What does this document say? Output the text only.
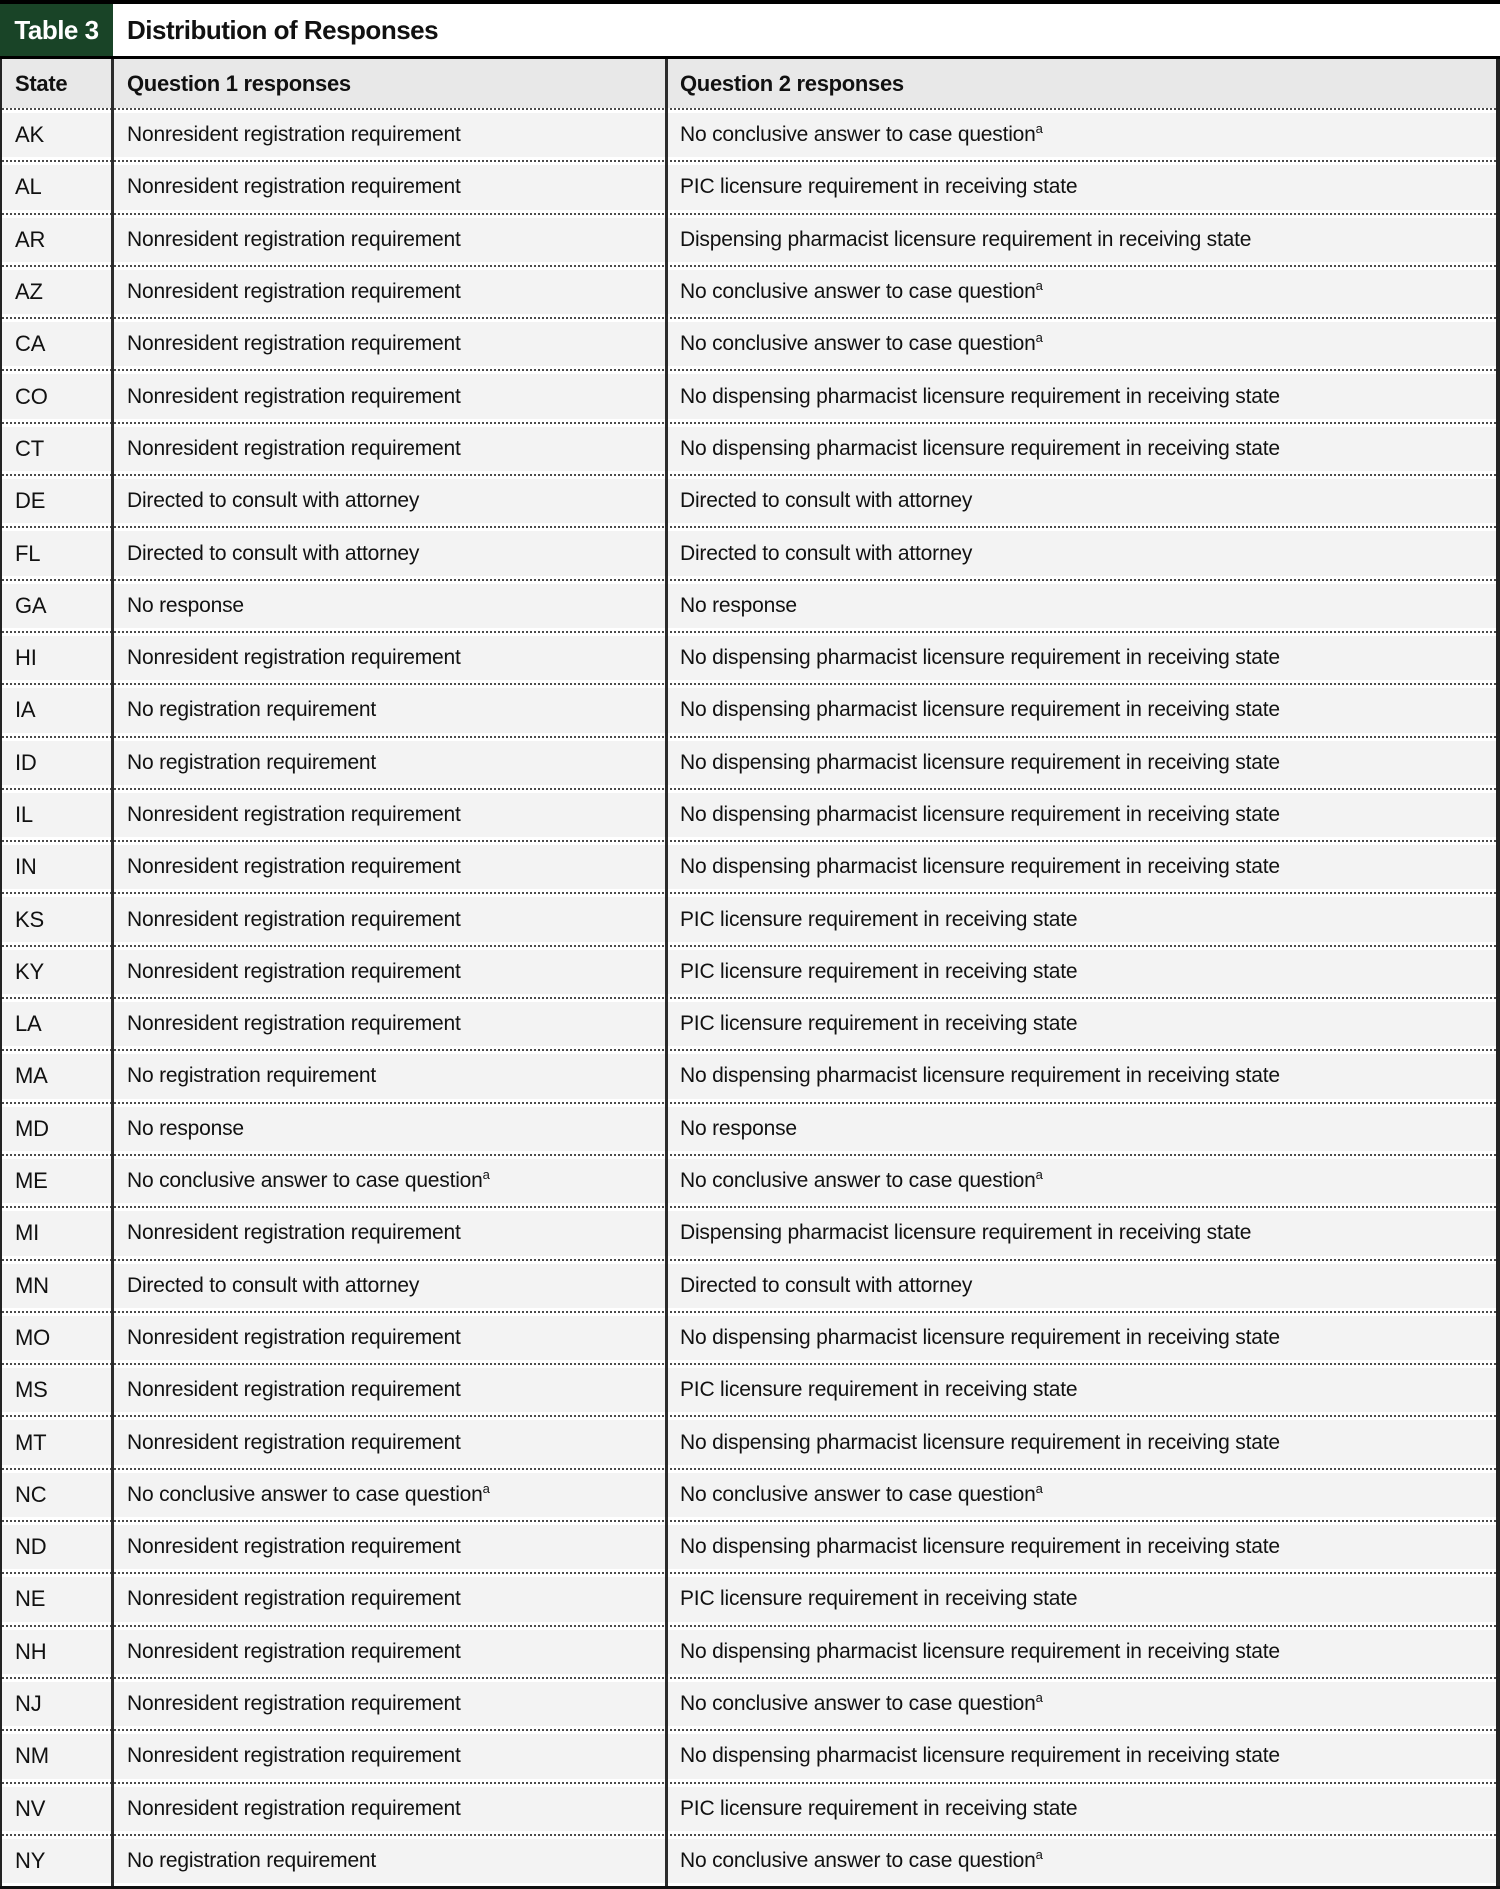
Table 3	Distribution of Responses
State	Question 1 responses	Question 2 responses
AK	Nonresident registration requirement	No conclusive answer to case question$^a$
AL	Nonresident registration requirement	PIC licensure requirement in receiving state
AR	Nonresident registration requirement	Dispensing pharmacist licensure requirement in receiving state
AZ	Nonresident registration requirement	No conclusive answer to case question$^a$
CA	Nonresident registration requirement	No conclusive answer to case question$^a$
CO	Nonresident registration requirement	No dispensing pharmacist licensure requirement in receiving state
CT	Nonresident registration requirement	No dispensing pharmacist licensure requirement in receiving state
DE	Directed to consult with attorney	Directed to consult with attorney
FL	Directed to consult with attorney	Directed to consult with attorney
GA	No response	No response
HI	Nonresident registration requirement	No dispensing pharmacist licensure requirement in receiving state
IA	No registration requirement	No dispensing pharmacist licensure requirement in receiving state
ID	No registration requirement	No dispensing pharmacist licensure requirement in receiving state
IL	Nonresident registration requirement	No dispensing pharmacist licensure requirement in receiving state
IN	Nonresident registration requirement	No dispensing pharmacist licensure requirement in receiving state
KS	Nonresident registration requirement	PIC licensure requirement in receiving state
KY	Nonresident registration requirement	PIC licensure requirement in receiving state
LA	Nonresident registration requirement	PIC licensure requirement in receiving state
MA	No registration requirement	No dispensing pharmacist licensure requirement in receiving state
MD	No response	No response
ME	No conclusive answer to case question$^a$	No conclusive answer to case question$^a$
MI	Nonresident registration requirement	Dispensing pharmacist licensure requirement in receiving state
MN	Directed to consult with attorney	Directed to consult with attorney
MO	Nonresident registration requirement	No dispensing pharmacist licensure requirement in receiving state
MS	Nonresident registration requirement	PIC licensure requirement in receiving state
MT	Nonresident registration requirement	No dispensing pharmacist licensure requirement in receiving state
NC	No conclusive answer to case question$^a$	No conclusive answer to case question$^a$
ND	Nonresident registration requirement	No dispensing pharmacist licensure requirement in receiving state
NE	Nonresident registration requirement	PIC licensure requirement in receiving state
NH	Nonresident registration requirement	No dispensing pharmacist licensure requirement in receiving state
NJ	Nonresident registration requirement	No conclusive answer to case question$^a$
NM	Nonresident registration requirement	No dispensing pharmacist licensure requirement in receiving state
NV	Nonresident registration requirement	PIC licensure requirement in receiving state
NY	No registration requirement	No conclusive answer to case question$^a$
